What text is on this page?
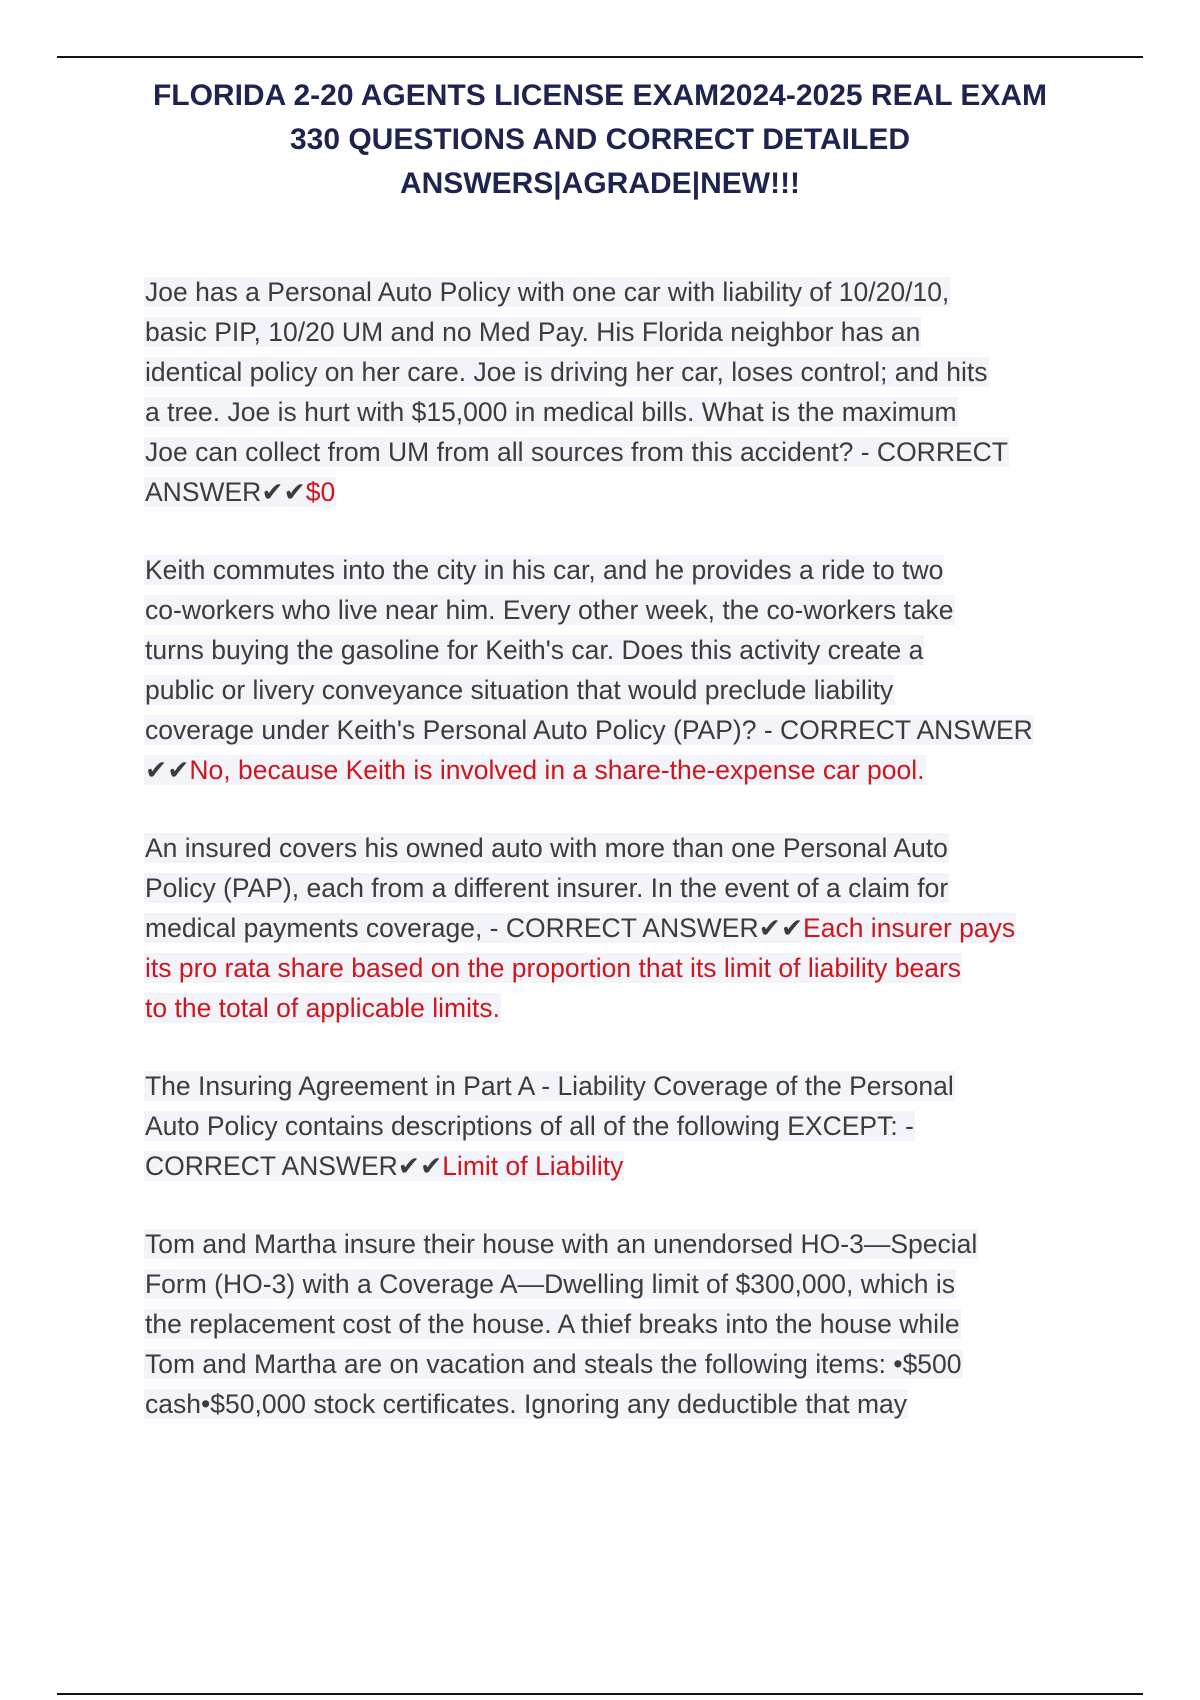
FLORIDA 2-20 AGENTS LICENSE EXAM2024-2025 REAL EXAM
330 QUESTIONS AND CORRECT DETAILED
ANSWERS|AGRADE|NEW!!!
Joe has a Personal Auto Policy with one car with liability of 10/20/10,
basic PIP, 10/20 UM and no Med Pay. His Florida neighbor has an
identical policy on her care. Joe is driving her car, loses control; and hits
a tree. Joe is hurt with $15,000 in medical bills. What is the maximum
Joe can collect from UM from all sources from this accident? - CORRECT
ANSWER✔✔$0
Keith commutes into the city in his car, and he provides a ride to two
co-workers who live near him. Every other week, the co-workers take
turns buying the gasoline for Keith's car. Does this activity create a
public or livery conveyance situation that would preclude liability
coverage under Keith's Personal Auto Policy (PAP)? - CORRECT ANSWER
✔✔No, because Keith is involved in a share-the-expense car pool.
An insured covers his owned auto with more than one Personal Auto
Policy (PAP), each from a different insurer. In the event of a claim for
medical payments coverage, - CORRECT ANSWER✔✔Each insurer pays
its pro rata share based on the proportion that its limit of liability bears
to the total of applicable limits.
The Insuring Agreement in Part A - Liability Coverage of the Personal
Auto Policy contains descriptions of all of the following EXCEPT: -
CORRECT ANSWER✔✔Limit of Liability
Tom and Martha insure their house with an unendorsed HO-3—Special
Form (HO-3) with a Coverage A—Dwelling limit of $300,000, which is
the replacement cost of the house. A thief breaks into the house while
Tom and Martha are on vacation and steals the following items: •$500
cash•$50,000 stock certificates. Ignoring any deductible that may
